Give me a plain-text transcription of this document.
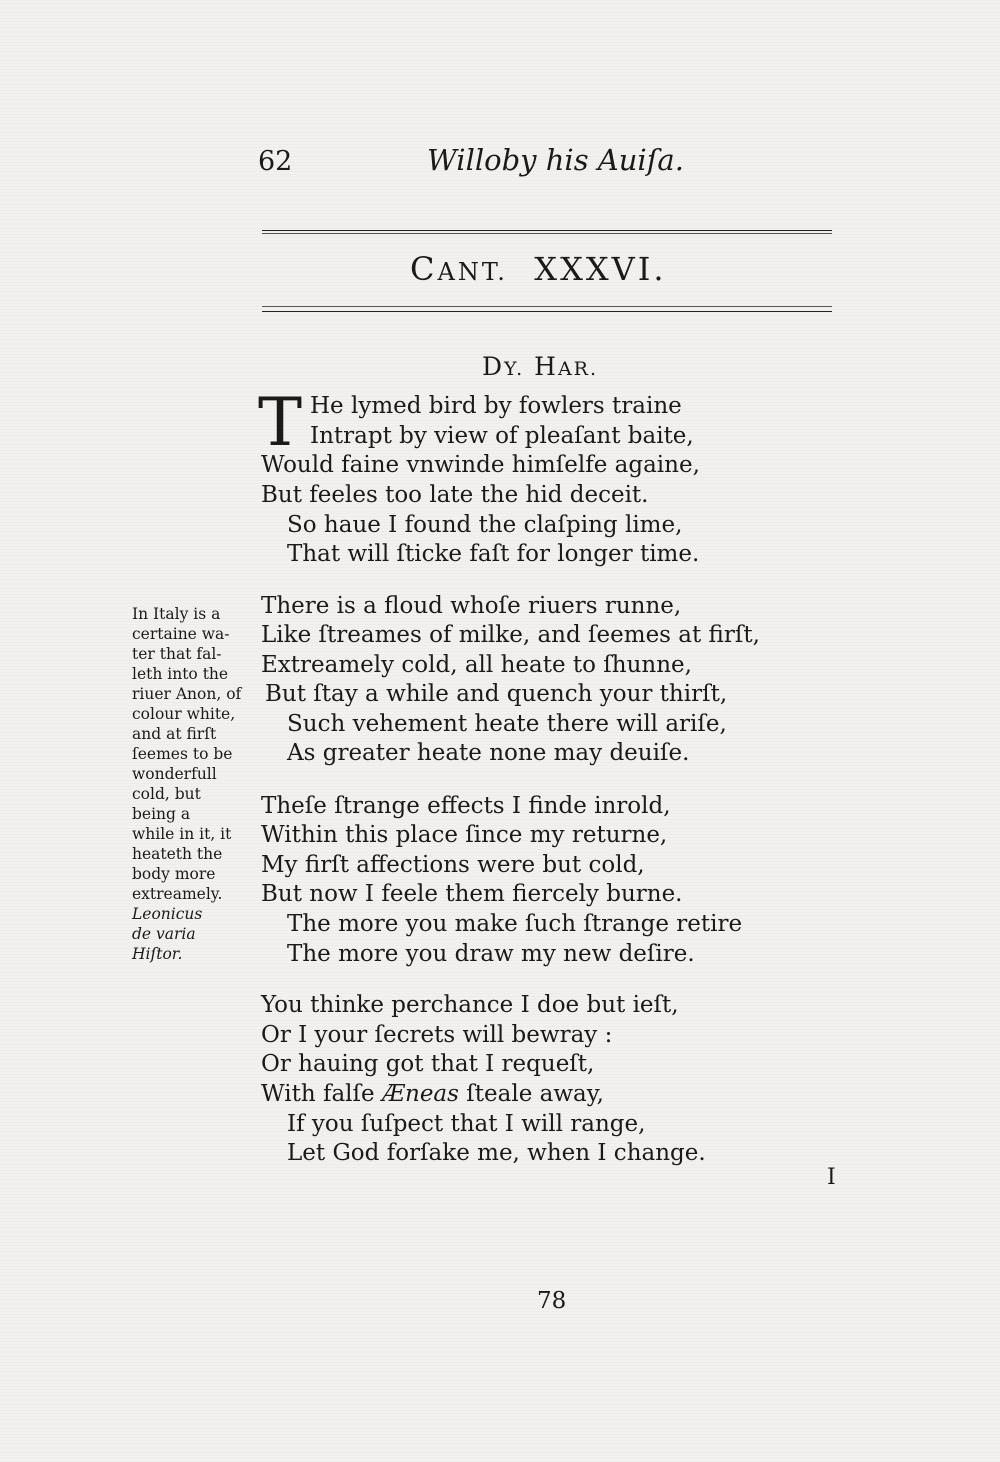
62	Willoby his Auiſa.
CANT. XXXVI.
DY. HAR.
T He lymed bird by fowlers traine
Intrapt by view of pleaſant baite,
Would faine vnwinde himſelfe againe,
But feeles too late the hid deceit.
So haue I found the claſping lime,
That will ſticke faſt for longer time.
There is a floud whoſe riuers runne,
Like ſtreames of milke, and ſeemes at firſt,
Extreamely cold, all heate to ſhunne,
But ſtay a while and quench your thirſt,
Such vehement heate there will ariſe,
As greater heate none may deuiſe.
Theſe ſtrange effects I finde inrold,
Within this place ſince my returne,
My firſt affections were but cold,
But now I feele them fiercely burne.
The more you make ſuch ſtrange retire
The more you draw my new deſire.
You thinke perchance I doe but ieſt,
Or I your ſecrets will bewray :
Or hauing got that I requeſt,
With falſe Æneas ſteale away,
If you ſuſpect that I will range,
Let God forſake me, when I change.
In Italy is a
certaine wa-
ter that fal-
leth into the
riuer Anon, of
colour white,
and at firſt
ſeemes to be
wonderfull
cold, but
being a
while in it, it
heateth the
body more
extreamely.
Leonicus
de varia
Hiſtor.
I
78
